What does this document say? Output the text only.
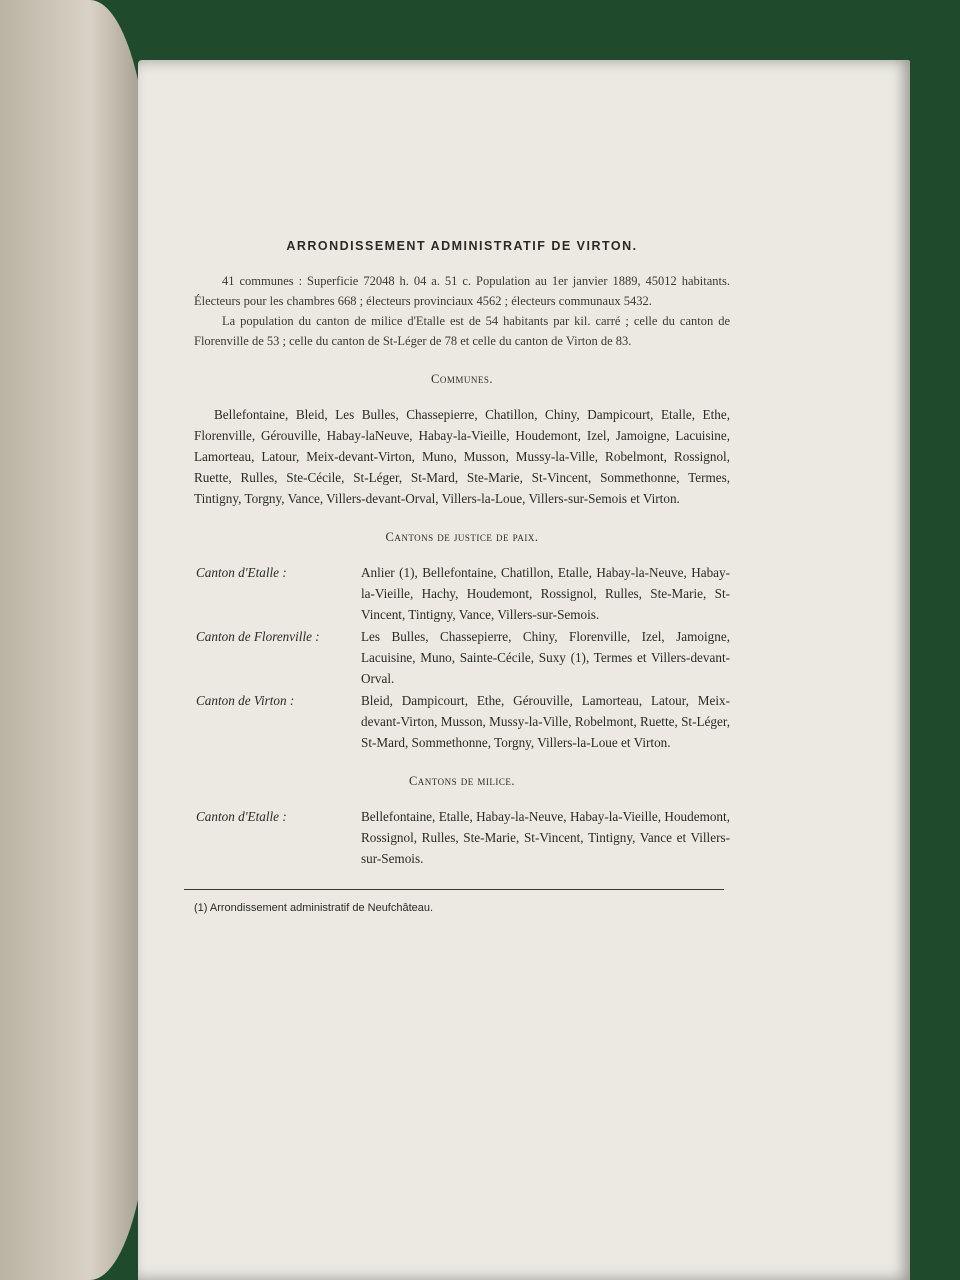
ARRONDISSEMENT ADMINISTRATIF DE VIRTON.

41 communes : Superficie 72048 h. 04 a. 51 c. Population au 1er janvier 1889, 45012 habitants. Électeurs pour les chambres 668 ; électeurs provinciaux 4562 ; électeurs communaux 5432.

La population du canton de milice d'Etalle est de 54 habitants par kil. carré ; celle du canton de Florenville de 53 ; celle du canton de St-Léger de 78 et celle du canton de Virton de 83.

Communes.

Bellefontaine, Bleid, Les Bulles, Chassepierre, Chatillon, Chiny, Dampicourt, Etalle, Ethe, Florenville, Gérouville, Habay-laNeuve, Habay-la-Vieille, Houdemont, Izel, Jamoigne, Lacuisine, Lamorteau, Latour, Meix-devant-Virton, Muno, Musson, Mussy-la-Ville, Robelmont, Rossignol, Ruette, Rulles, Ste-Cécile, St-Léger, St-Mard, Ste-Marie, St-Vincent, Sommethonne, Termes, Tintigny, Torgny, Vance, Villers-devant-Orval, Villers-la-Loue, Villers-sur-Semois et Virton.

Cantons de justice de paix.
Canton d'Etalle :	Anlier (1), Bellefontaine, Chatillon, Etalle, Habay-la-Neuve, Habay-la-Vieille, Hachy, Houdemont, Rossignol, Rulles, Ste-Marie, St-Vincent, Tintigny, Vance, Villers-sur-Semois.
Canton de Florenville :	Les Bulles, Chassepierre, Chiny, Florenville, Izel, Jamoigne, Lacuisine, Muno, Sainte-Cécile, Suxy (1), Termes et Villers-devant-Orval.
Canton de Virton :	Bleid, Dampicourt, Ethe, Gérouville, Lamorteau, Latour, Meix-devant-Virton, Musson, Mussy-la-Ville, Robelmont, Ruette, St-Léger, St-Mard, Sommethonne, Torgny, Villers-la-Loue et Virton.
Cantons de milice.
Canton d'Etalle :	Bellefontaine, Etalle, Habay-la-Neuve, Habay-la-Vieille, Houdemont, Rossignol, Rulles, Ste-Marie, St-Vincent, Tintigny, Vance et Villers-sur-Semois.
(1) Arrondissement administratif de Neufchâteau.
